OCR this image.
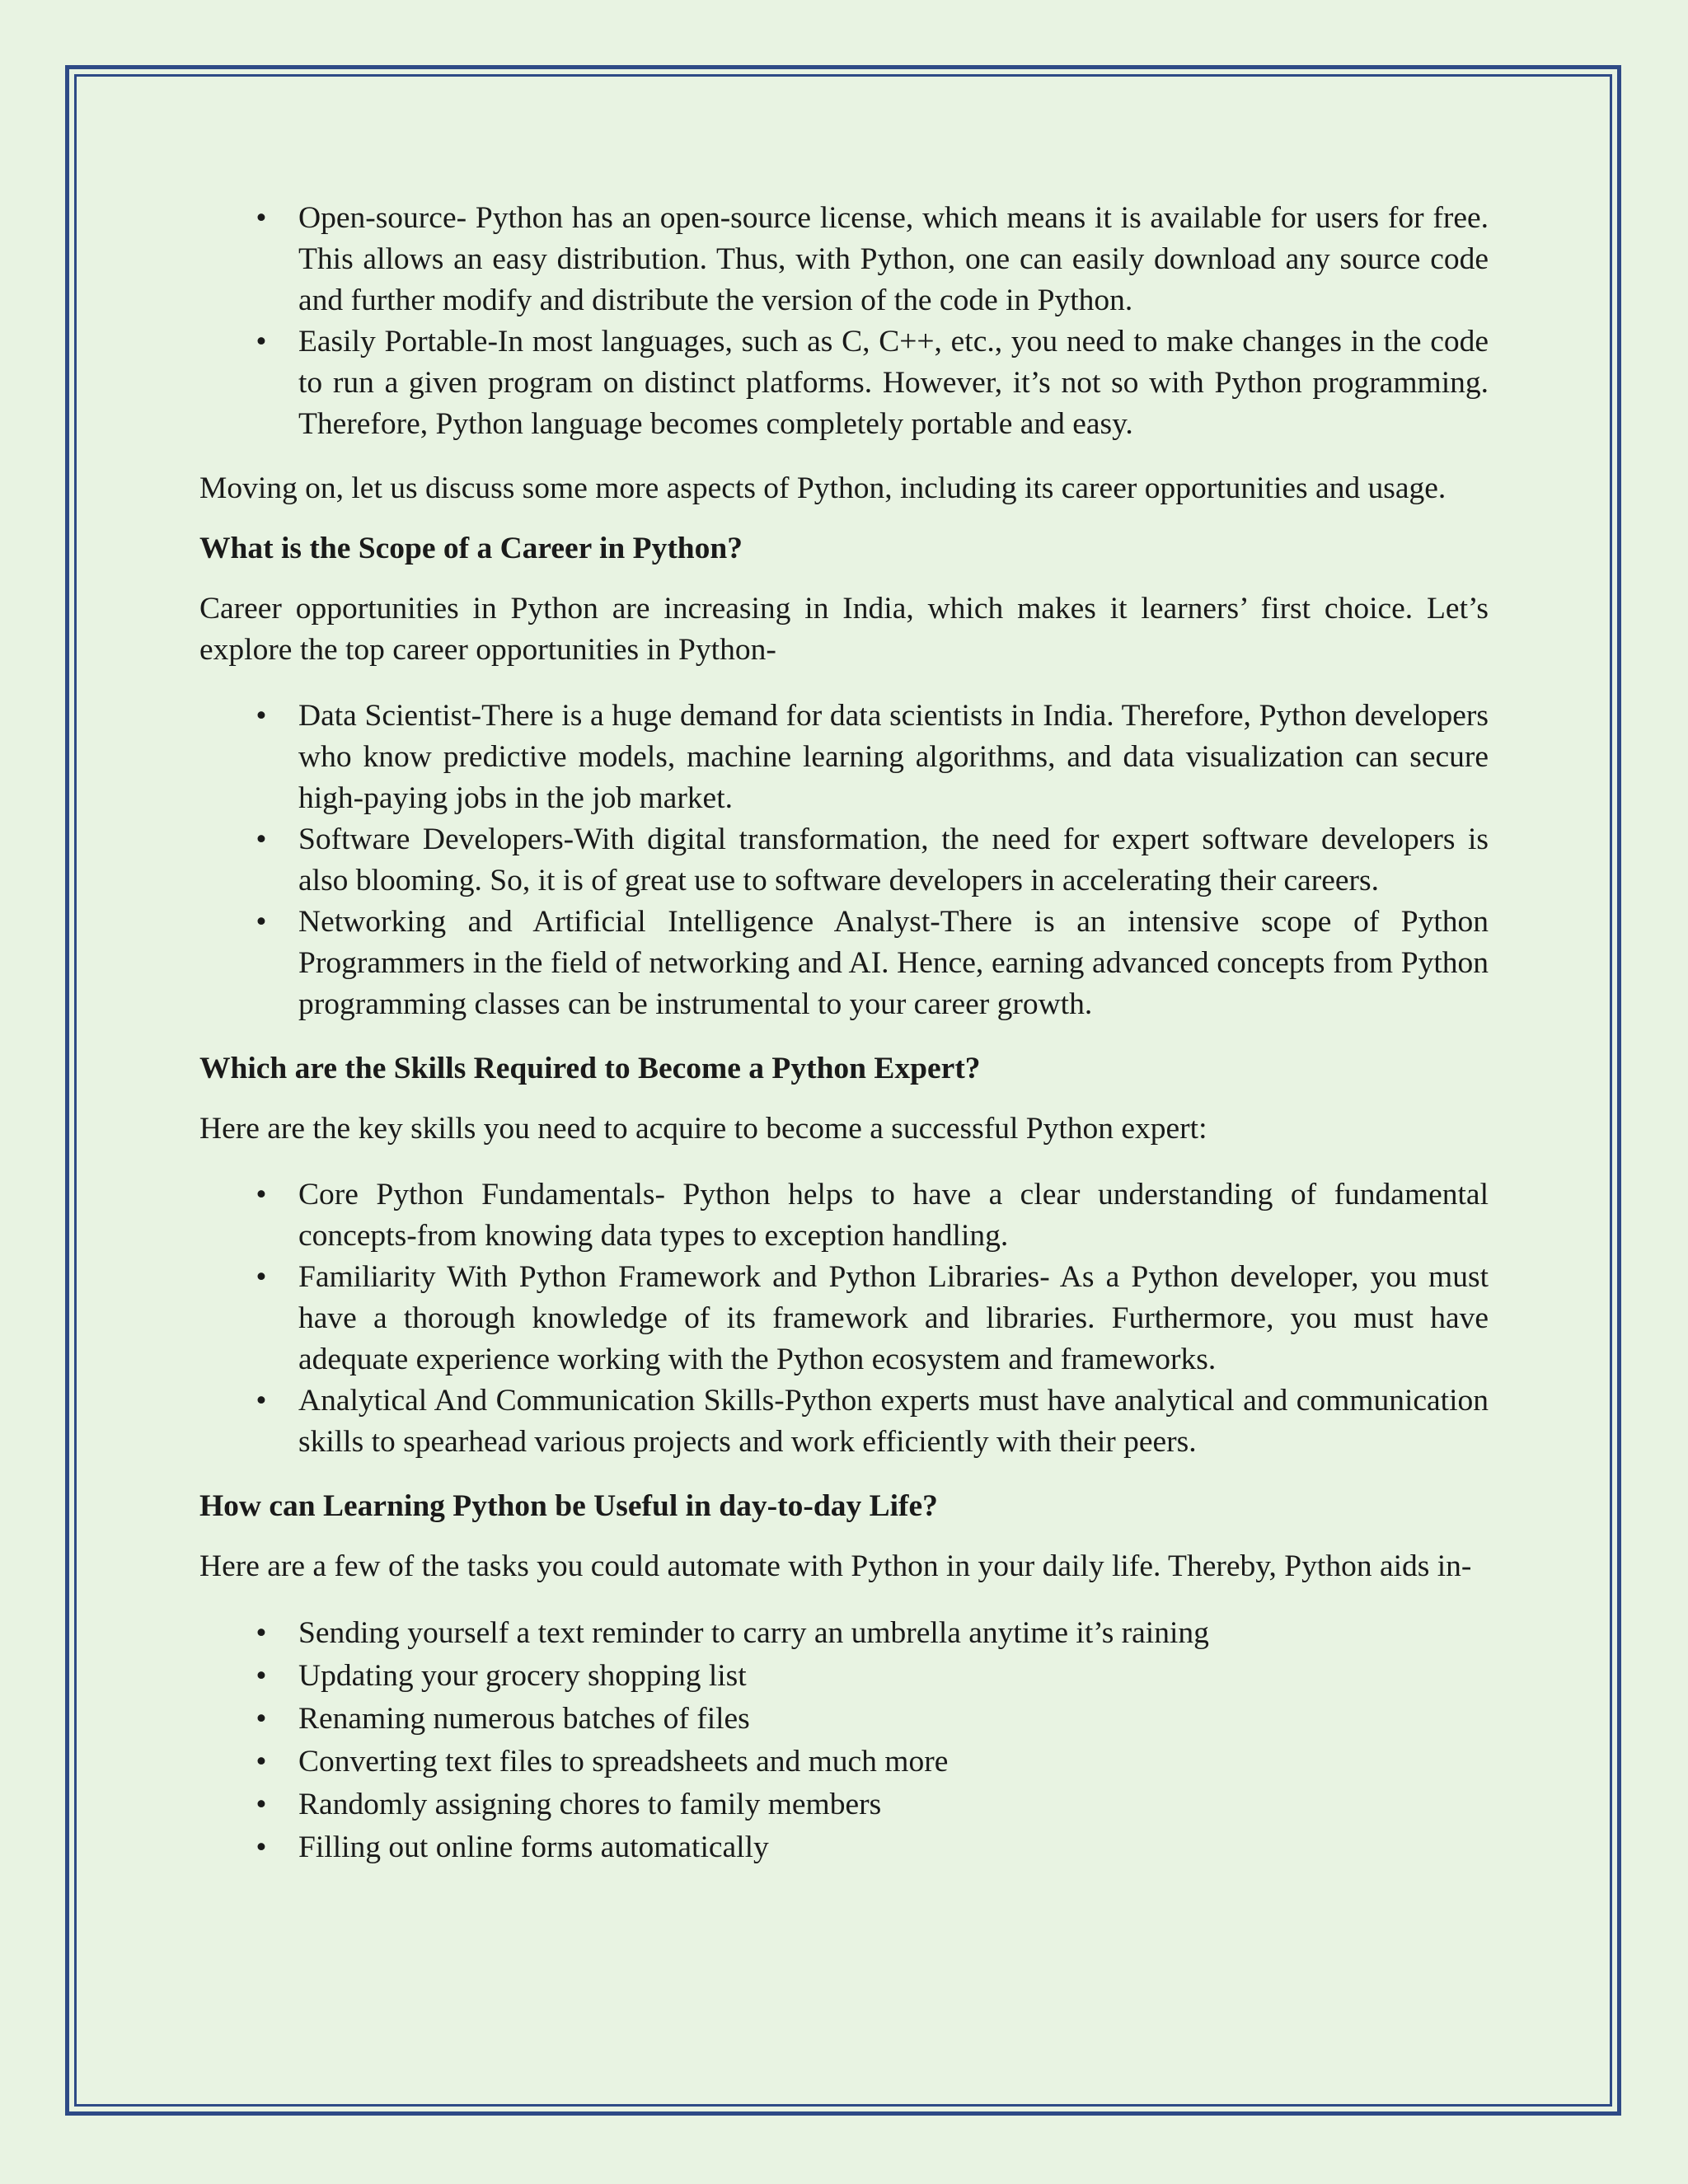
• Open-source- Python has an open-source license, which means it is available for users for free. This allows an easy distribution. Thus, with Python, one can easily download any source code and further modify and distribute the version of the code in Python.
• Easily Portable-In most languages, such as C, C++, etc., you need to make changes in the code to run a given program on distinct platforms. However, it’s not so with Python programming. Therefore, Python language becomes completely portable and easy.

Moving on, let us discuss some more aspects of Python, including its career opportunities and usage.

What is the Scope of a Career in Python?

Career opportunities in Python are increasing in India, which makes it learners’ first choice. Let’s explore the top career opportunities in Python-

• Data Scientist-There is a huge demand for data scientists in India. Therefore, Python developers who know predictive models, machine learning algorithms, and data visualization can secure high-paying jobs in the job market.
• Software Developers-With digital transformation, the need for expert software developers is also blooming. So, it is of great use to software developers in accelerating their careers.
• Networking and Artificial Intelligence Analyst-There is an intensive scope of Python Programmers in the field of networking and AI. Hence, earning advanced concepts from Python programming classes can be instrumental to your career growth.
Which are the Skills Required to Become a Python Expert?

Here are the key skills you need to acquire to become a successful Python expert:

• Core Python Fundamentals- Python helps to have a clear understanding of fundamental concepts-from knowing data types to exception handling.
• Familiarity With Python Framework and Python Libraries- As a Python developer, you must have a thorough knowledge of its framework and libraries. Furthermore, you must have adequate experience working with the Python ecosystem and frameworks.
• Analytical And Communication Skills-Python experts must have analytical and communication skills to spearhead various projects and work efficiently with their peers.
How can Learning Python be Useful in day-to-day Life?

Here are a few of the tasks you could automate with Python in your daily life. Thereby, Python aids in-

• Sending yourself a text reminder to carry an umbrella anytime it’s raining
• Updating your grocery shopping list
• Renaming numerous batches of files
• Converting text files to spreadsheets and much more
• Randomly assigning chores to family members
• Filling out online forms automatically
